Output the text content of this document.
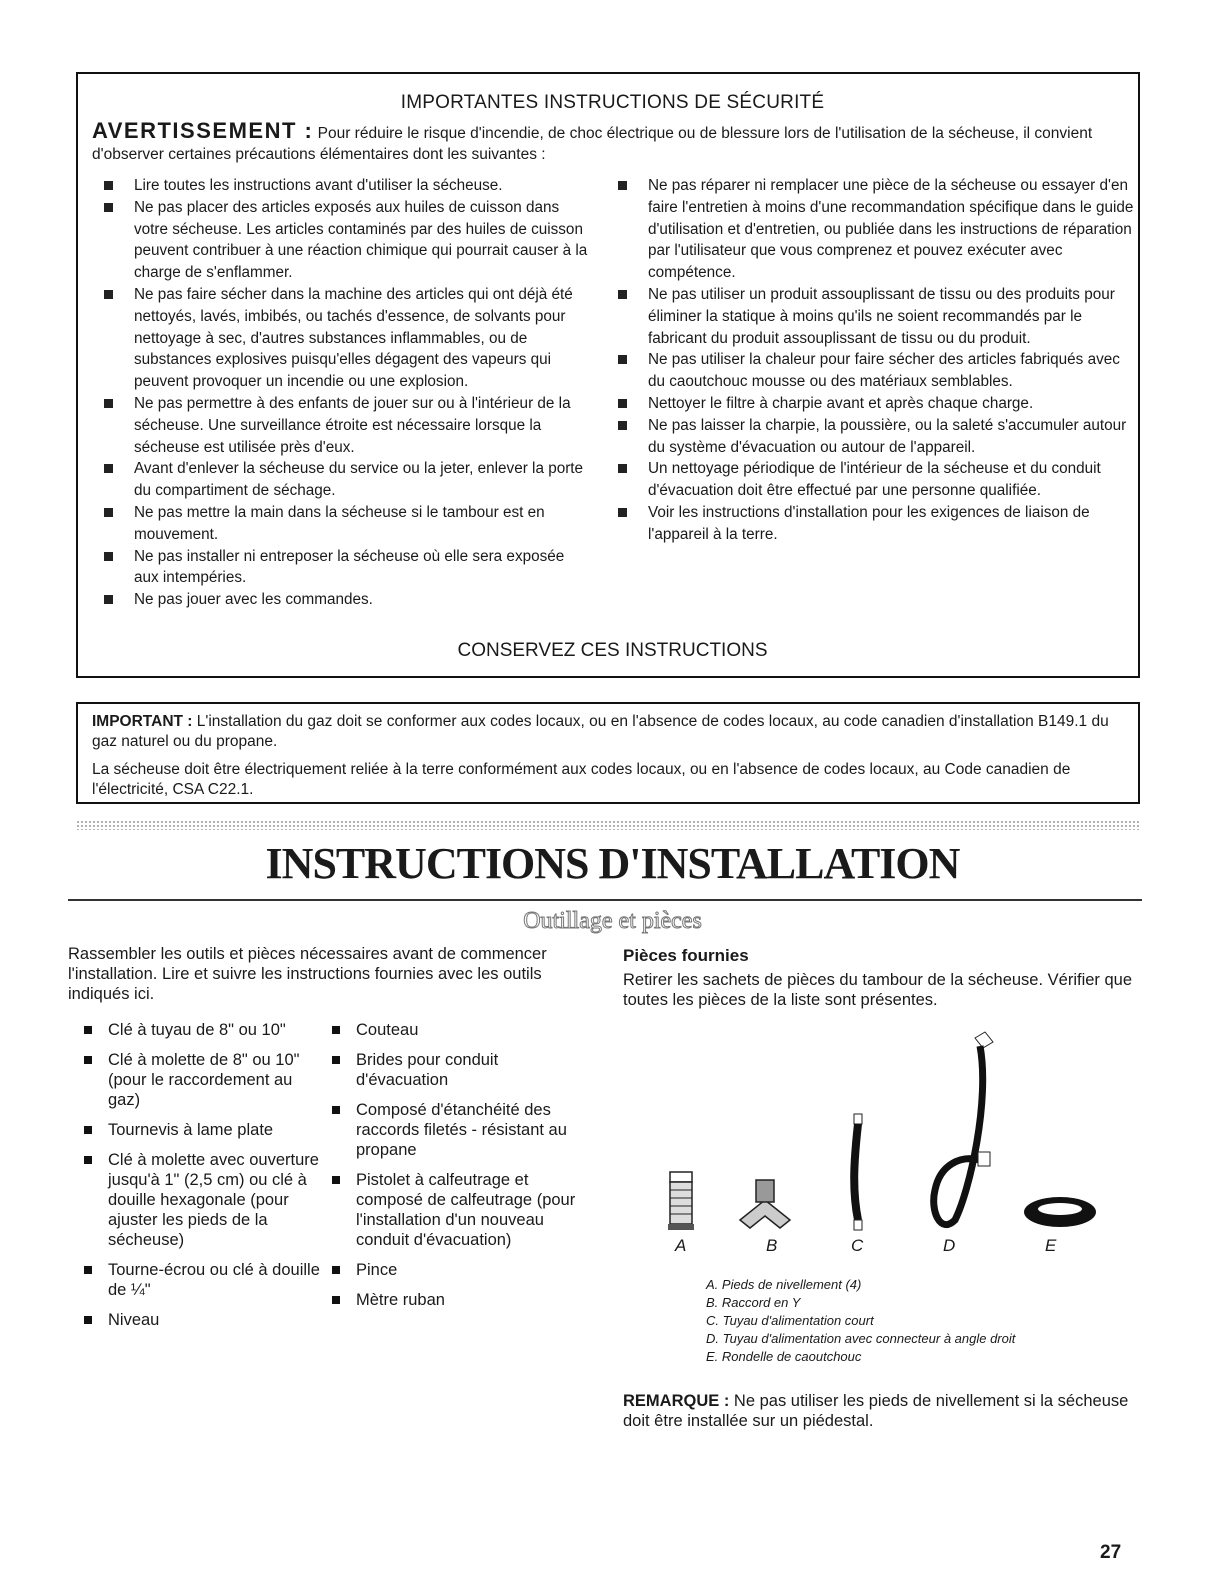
IMPORTANTES INSTRUCTIONS DE SÉCURITÉ
AVERTISSEMENT : Pour réduire le risque d'incendie, de choc électrique ou de blessure lors de l'utilisation de la sécheuse, il convient d'observer certaines précautions élémentaires dont les suivantes :
Lire toutes les instructions avant d'utiliser la sécheuse.
Ne pas placer des articles exposés aux huiles de cuisson dans votre sécheuse. Les articles contaminés par des huiles de cuisson peuvent contribuer à une réaction chimique qui pourrait causer à la charge de s'enflammer.
Ne pas faire sécher dans la machine des articles qui ont déjà été nettoyés, lavés, imbibés, ou tachés d'essence, de solvants pour nettoyage à sec, d'autres substances inflammables, ou de substances explosives puisqu'elles dégagent des vapeurs qui peuvent provoquer un incendie ou une explosion.
Ne pas permettre à des enfants de jouer sur ou à l'intérieur de la sécheuse. Une surveillance étroite est nécessaire lorsque la sécheuse est utilisée près d'eux.
Avant d'enlever la sécheuse du service ou la jeter, enlever la porte du compartiment de séchage.
Ne pas mettre la main dans la sécheuse si le tambour est en mouvement.
Ne pas installer ni entreposer la sécheuse où elle sera exposée aux intempéries.
Ne pas jouer avec les commandes.
Ne pas réparer ni remplacer une pièce de la sécheuse ou essayer d'en faire l'entretien à moins d'une recommandation spécifique dans le guide d'utilisation et d'entretien, ou publiée dans les instructions de réparation par l'utilisateur que vous comprenez et pouvez exécuter avec compétence.
Ne pas utiliser un produit assouplissant de tissu ou des produits pour éliminer la statique à moins qu'ils ne soient recommandés par le fabricant du produit assouplissant de tissu ou du produit.
Ne pas utiliser la chaleur pour faire sécher des articles fabriqués avec du caoutchouc mousse ou des matériaux semblables.
Nettoyer le filtre à charpie avant et après chaque charge.
Ne pas laisser la charpie, la poussière, ou la saleté s'accumuler autour du système d'évacuation ou autour de l'appareil.
Un nettoyage périodique de l'intérieur de la sécheuse et du conduit d'évacuation doit être effectué par une personne qualifiée.
Voir les instructions d'installation pour les exigences de liaison de l'appareil à la terre.
CONSERVEZ CES INSTRUCTIONS

IMPORTANT : L'installation du gaz doit se conformer aux codes locaux, ou en l'absence de codes locaux, au code canadien d'installation B149.1 du gaz naturel ou du propane.

La sécheuse doit être électriquement reliée à la terre conformément aux codes locaux, ou en l'absence de codes locaux, au Code canadien de l'électricité, CSA C22.1.

INSTRUCTIONS D'INSTALLATION
Outillage et pièces
Rassembler les outils et pièces nécessaires avant de commencer l'installation. Lire et suivre les instructions fournies avec les outils indiqués ici.
Clé à tuyau de 8" ou 10"
Clé à molette de 8" ou 10" (pour le raccordement au gaz)
Tournevis à lame plate
Clé à molette avec ouverture jusqu'à 1" (2,5 cm) ou clé à douille hexagonale (pour ajuster les pieds de la sécheuse)
Tourne-écrou ou clé à douille de ¼"
Niveau
Couteau
Brides pour conduit d'évacuation
Composé d'étanchéité des raccords filetés - résistant au propane
Pistolet à calfeutrage et composé de calfeutrage (pour l'installation d'un nouveau conduit d'évacuation)
Pince
Mètre ruban
Pièces fournies
Retirer les sachets de pièces du tambour de la sécheuse. Vérifier que toutes les pièces de la liste sont présentes.
A	B	C	D	E
A. Pieds de nivellement (4)
B. Raccord en Y
C. Tuyau d'alimentation court
D. Tuyau d'alimentation avec connecteur à angle droit
E. Rondelle de caoutchouc
REMARQUE : Ne pas utiliser les pieds de nivellement si la sécheuse doit être installée sur un piédestal.
27
